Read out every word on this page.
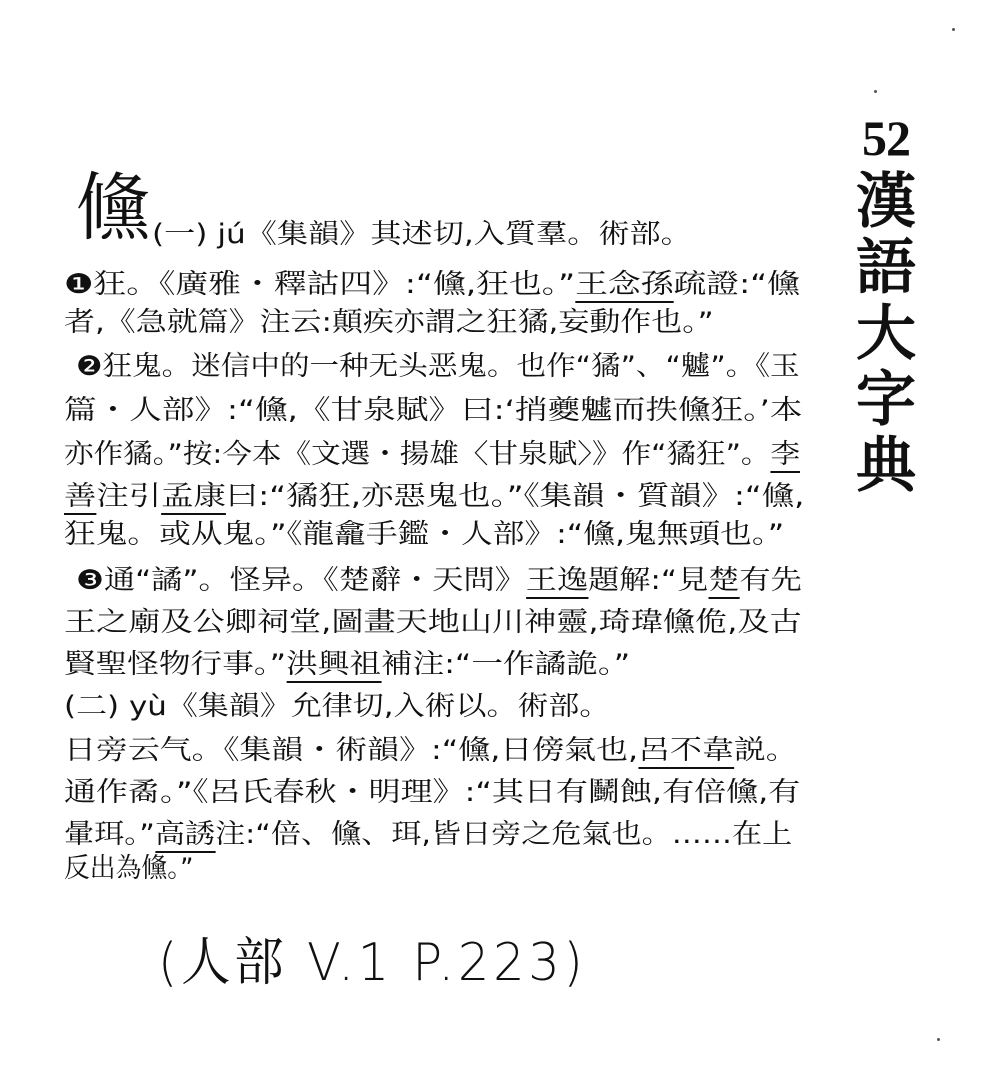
52
漢
語
大
字
典
儵 (一) jú《集韻》其述切,入質羣。術部。
❶狂。《廣雅・釋詁四》:“儵,狂也。”王念孫疏證:“儵
者,《急就篇》注云:顛疾亦謂之狂獝,妄動作也。”
❷狂鬼。迷信中的一种无头恶鬼。也作“獝”、“魖”。《玉
篇・人部》:“儵,《甘泉賦》曰:‘捎夔魖而抶儵狂。’本
亦作獝。”按:今本《文選・揚雄〈甘泉賦〉》作“獝狂”。李
善注引孟康曰:“獝狂,亦惡鬼也。”《集韻・質韻》:“儵,
狂鬼。或从鬼。”《龍龕手鑑・人部》:“儵,鬼無頭也。”
❸通“譎”。怪异。《楚辭・天問》王逸題解:“見楚有先
王之廟及公卿祠堂,圖畫天地山川神靈,琦瑋儵佹,及古
賢聖怪物行事。”洪興祖補注:“一作譎詭。”
(二) yù《集韻》允律切,入術以。術部。
日旁云气。《集韻・術韻》:“儵,日傍氣也,呂不韋説。
通作矞。”《呂氏春秋・明理》:“其日有鬭蝕,有倍儵,有
暈珥。”高誘注:“倍、儵、珥,皆日旁之危氣也。……在上
反出為儵。”
(人部 V.1 P.223)
